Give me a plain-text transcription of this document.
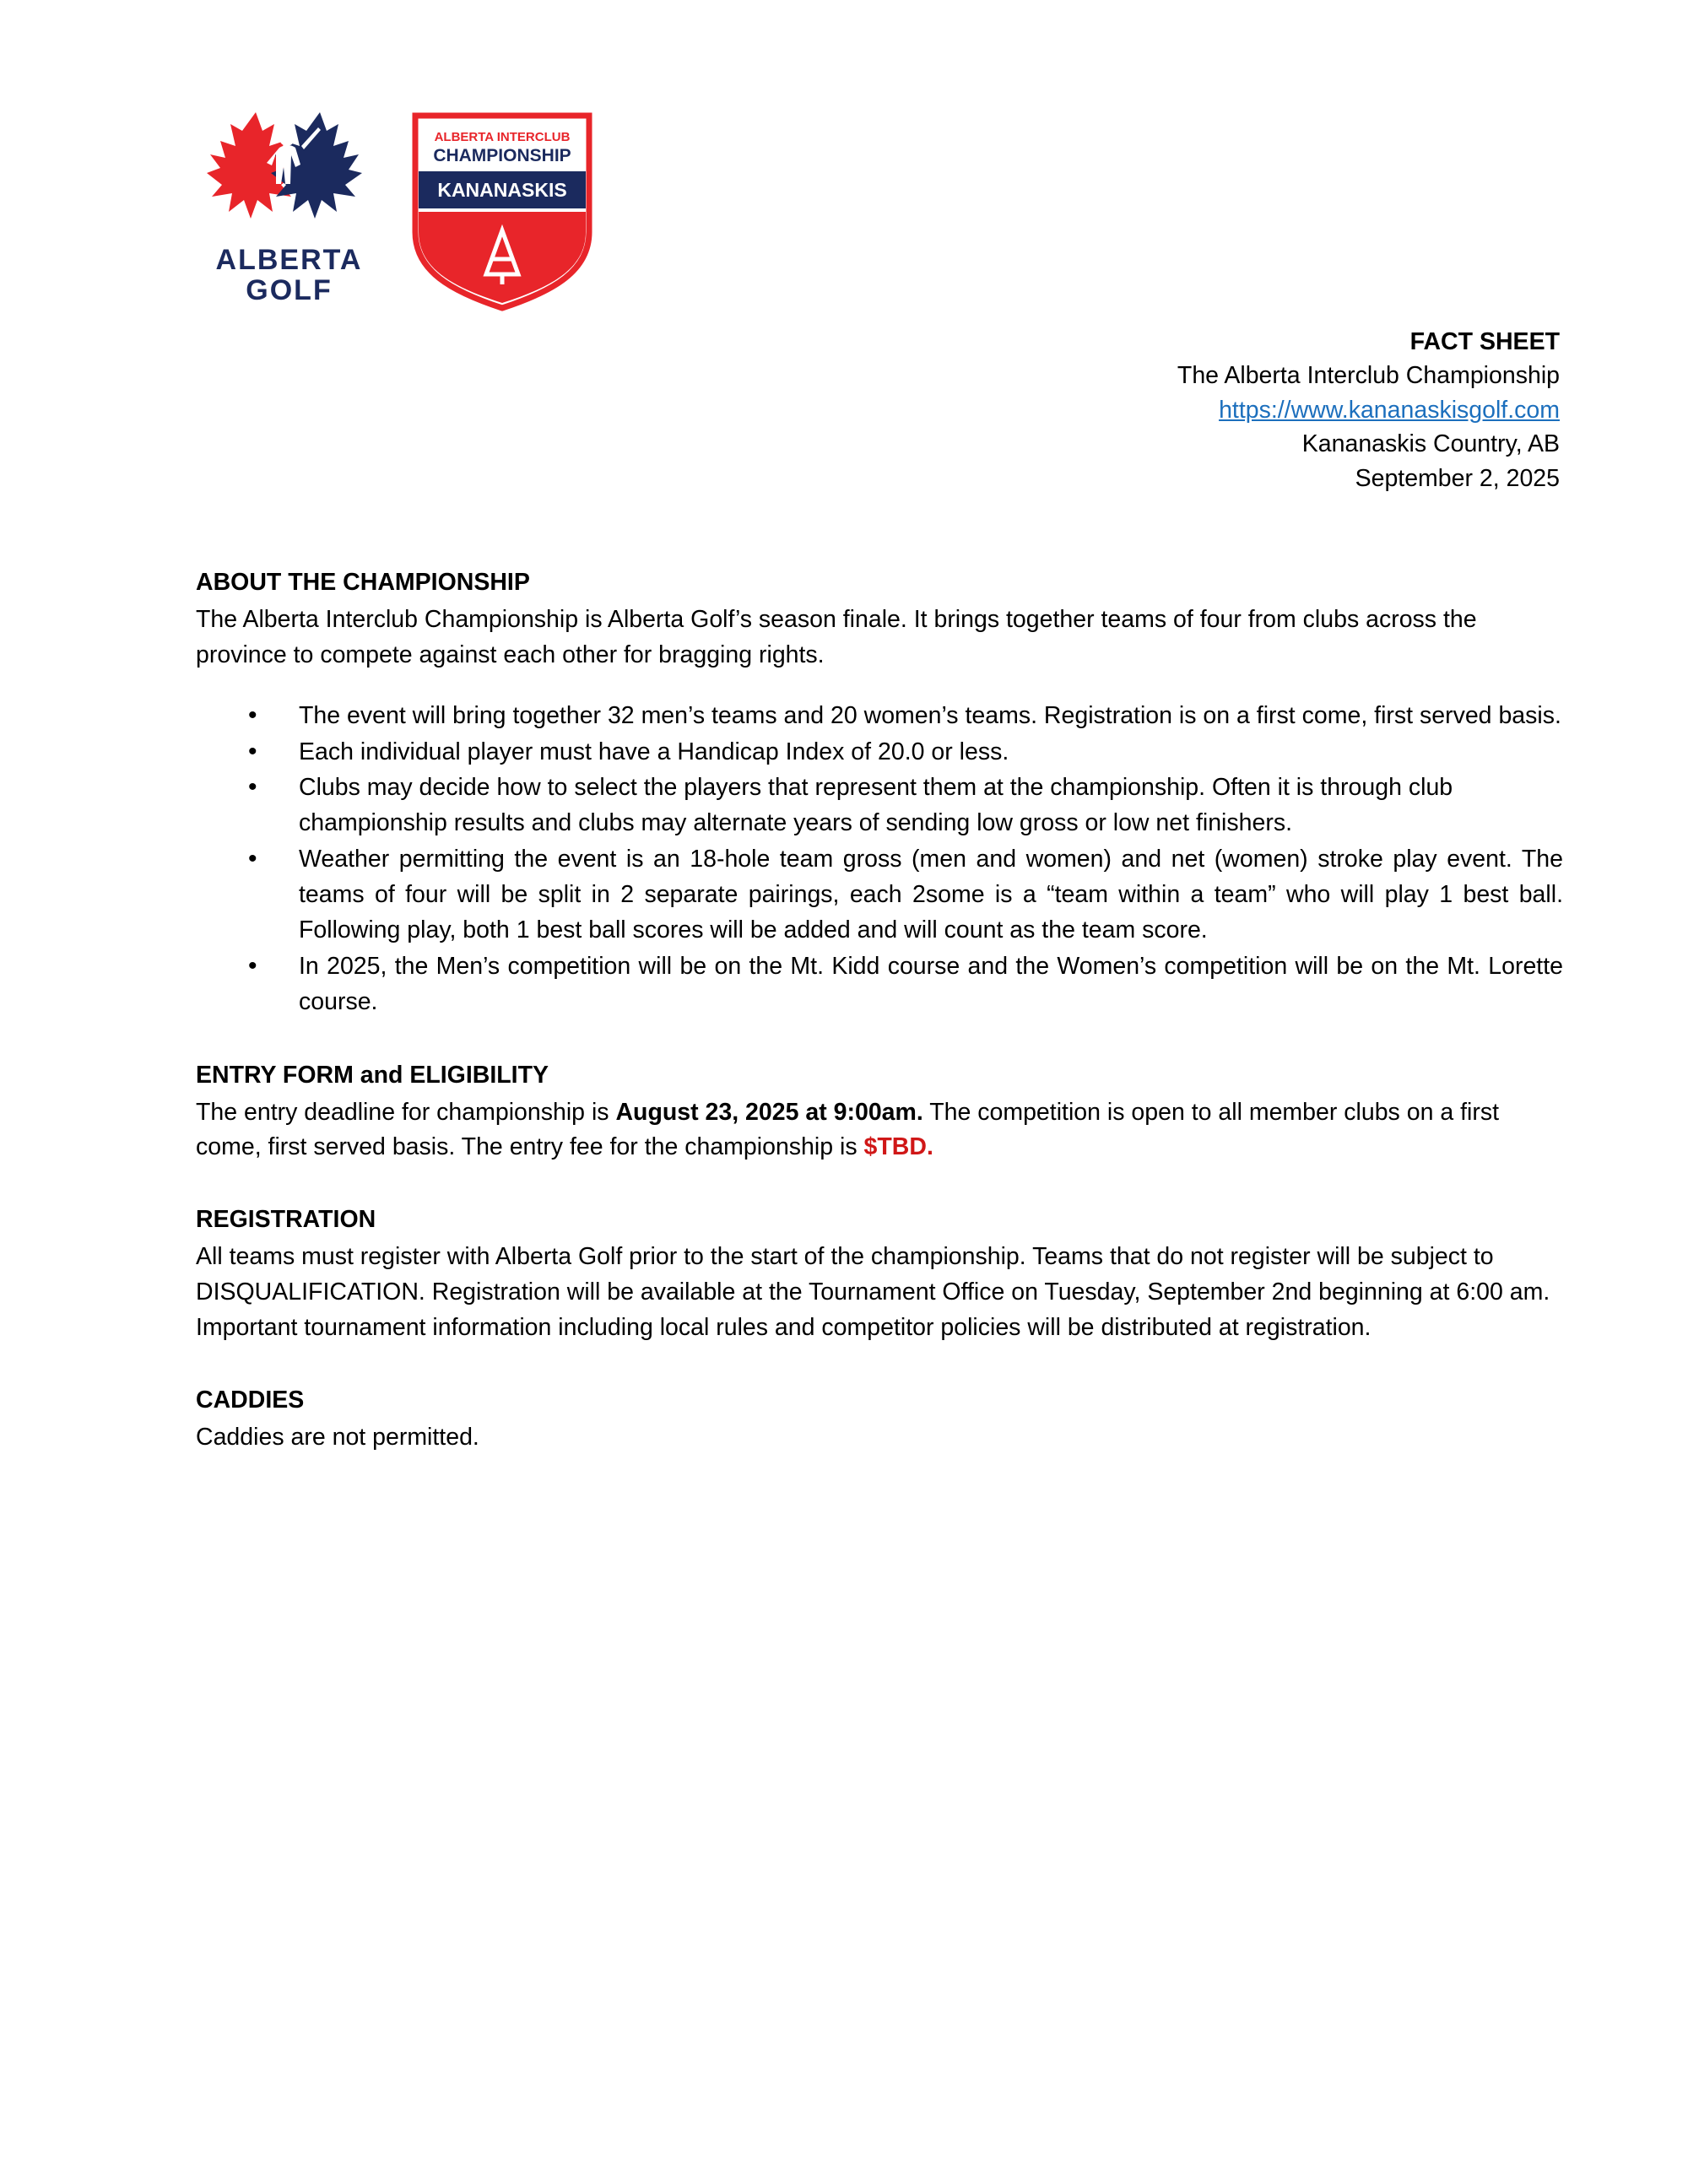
ALBERTA
GOLF
ALBERTA INTERCLUB
CHAMPIONSHIP
KANANASKIS
FACT SHEET
The Alberta Interclub Championship
https://www.kananaskisgolf.com
Kananaskis Country, AB
September 2, 2025
ABOUT THE CHAMPIONSHIP

The Alberta Interclub Championship is Alberta Golf’s season finale. It brings together teams of four from clubs across the province to compete against each other for bragging rights.

• The event will bring together 32 men’s teams and 20 women’s teams. Registration is on a first come, first served basis.
• Each individual player must have a Handicap Index of 20.0 or less.
• Clubs may decide how to select the players that represent them at the championship. Often it is through club championship results and clubs may alternate years of sending low gross or low net finishers.
• Weather permitting the event is an 18-hole team gross (men and women) and net (women) stroke play event. The teams of four will be split in 2 separate pairings, each 2some is a “team within a team” who will play 1 best ball. Following play, both 1 best ball scores will be added and will count as the team score.
• In 2025, the Men’s competition will be on the Mt. Kidd course and the Women’s competition will be on the Mt. Lorette course.
ENTRY FORM and ELIGIBILITY

The entry deadline for championship is August 23, 2025 at 9:00am. The competition is open to all member clubs on a first come, first served basis. The entry fee for the championship is $TBD.

REGISTRATION

All teams must register with Alberta Golf prior to the start of the championship. Teams that do not register will be subject to DISQUALIFICATION. Registration will be available at the Tournament Office on Tuesday, September 2nd beginning at 6:00 am. Important tournament information including local rules and competitor policies will be distributed at registration.

CADDIES

Caddies are not permitted.
